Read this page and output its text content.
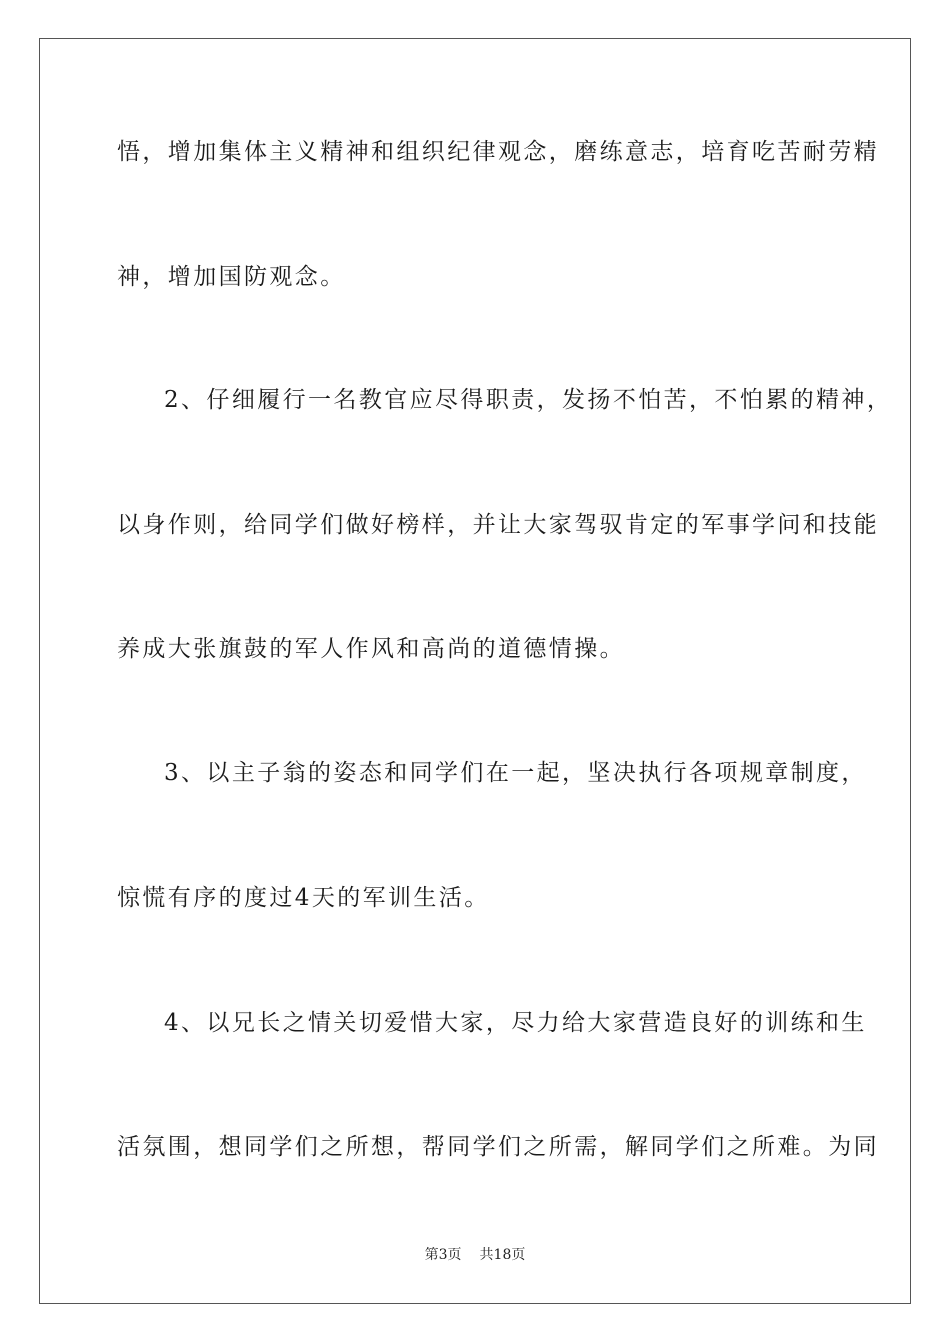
悟，增加集体主义精神和组织纪律观念，磨练意志，培育吃苦耐劳精
神，增加国防观念。
2、仔细履行一名教官应尽得职责，发扬不怕苦，不怕累的精神，
以身作则，给同学们做好榜样，并让大家驾驭肯定的军事学问和技能
养成大张旗鼓的军人作风和高尚的道德情操。
3、以主子翁的姿态和同学们在一起，坚决执行各项规章制度，
惊慌有序的度过4天的军训生活。
4、以兄长之情关切爱惜大家，尽力给大家营造良好的训练和生
活氛围，想同学们之所想，帮同学们之所需，解同学们之所难。为同
第3页 共18页
